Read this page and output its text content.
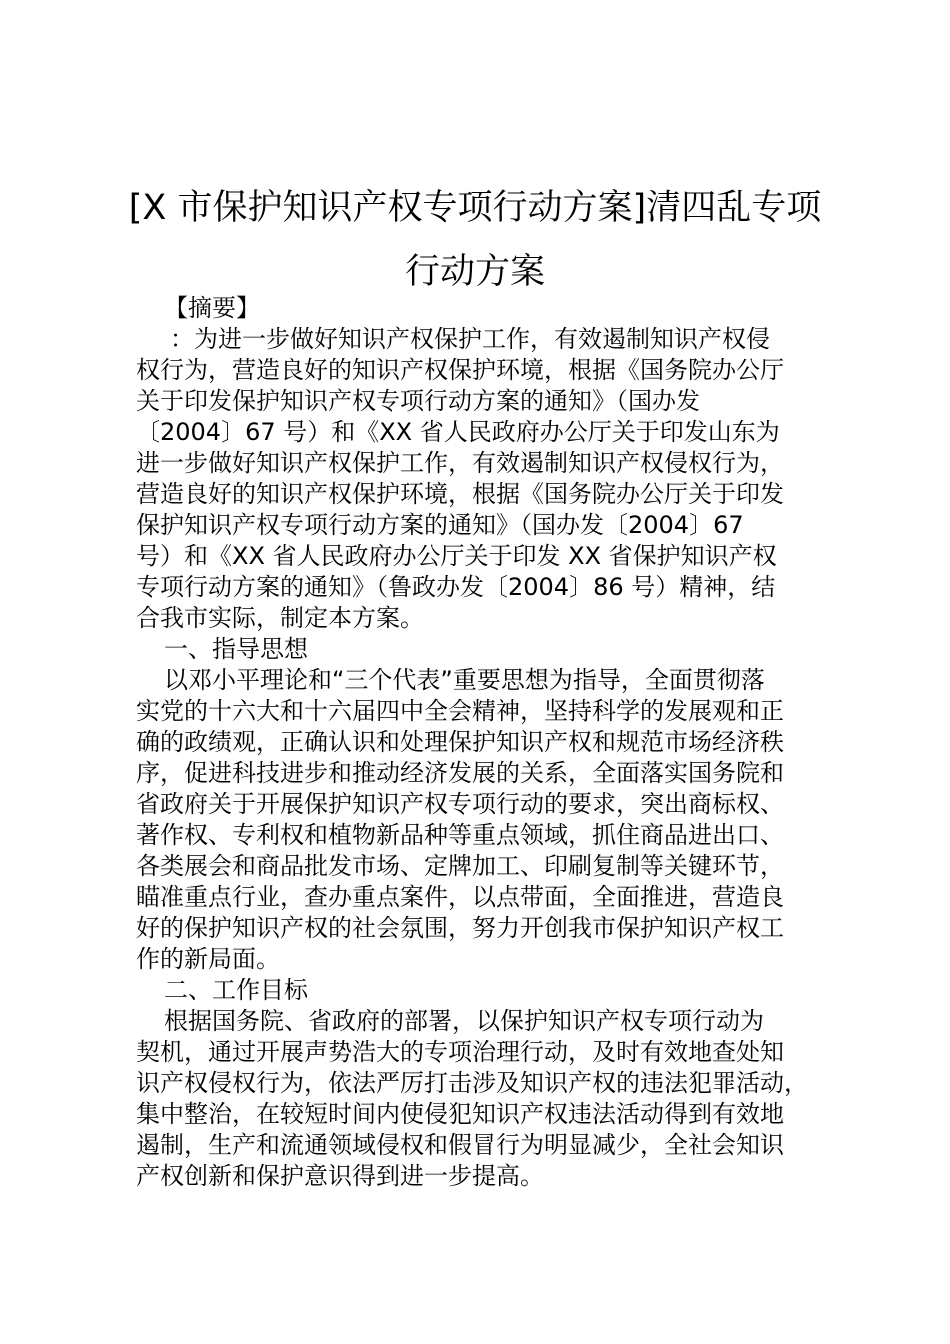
[X 市保护知识产权专项行动方案]清四乱专项
行动方案
【摘要】
：为进一步做好知识产权保护工作，有效遏制知识产权侵
权行为，营造良好的知识产权保护环境，根据《国务院办公厅
关于印发保护知识产权专项行动方案的通知》（国办发
〔2004〕67 号）和《XX 省人民政府办公厅关于印发山东为
进一步做好知识产权保护工作，有效遏制知识产权侵权行为，
营造良好的知识产权保护环境，根据《国务院办公厅关于印发
保护知识产权专项行动方案的通知》（国办发〔2004〕67
号）和《XX 省人民政府办公厅关于印发 XX 省保护知识产权
专项行动方案的通知》（鲁政办发〔2004〕86 号）精神，结
合我市实际，制定本方案。
一、指导思想
以邓小平理论和“三个代表”重要思想为指导，全面贯彻落
实党的十六大和十六届四中全会精神，坚持科学的发展观和正
确的政绩观，正确认识和处理保护知识产权和规范市场经济秩
序，促进科技进步和推动经济发展的关系，全面落实国务院和
省政府关于开展保护知识产权专项行动的要求，突出商标权、
著作权、专利权和植物新品种等重点领域，抓住商品进出口、
各类展会和商品批发市场、定牌加工、印刷复制等关键环节，
瞄准重点行业，查办重点案件，以点带面，全面推进，营造良
好的保护知识产权的社会氛围，努力开创我市保护知识产权工
作的新局面。
二、工作目标
根据国务院、省政府的部署，以保护知识产权专项行动为
契机，通过开展声势浩大的专项治理行动，及时有效地查处知
识产权侵权行为，依法严厉打击涉及知识产权的违法犯罪活动，
集中整治，在较短时间内使侵犯知识产权违法活动得到有效地
遏制，生产和流通领域侵权和假冒行为明显减少，全社会知识
产权创新和保护意识得到进一步提高。
